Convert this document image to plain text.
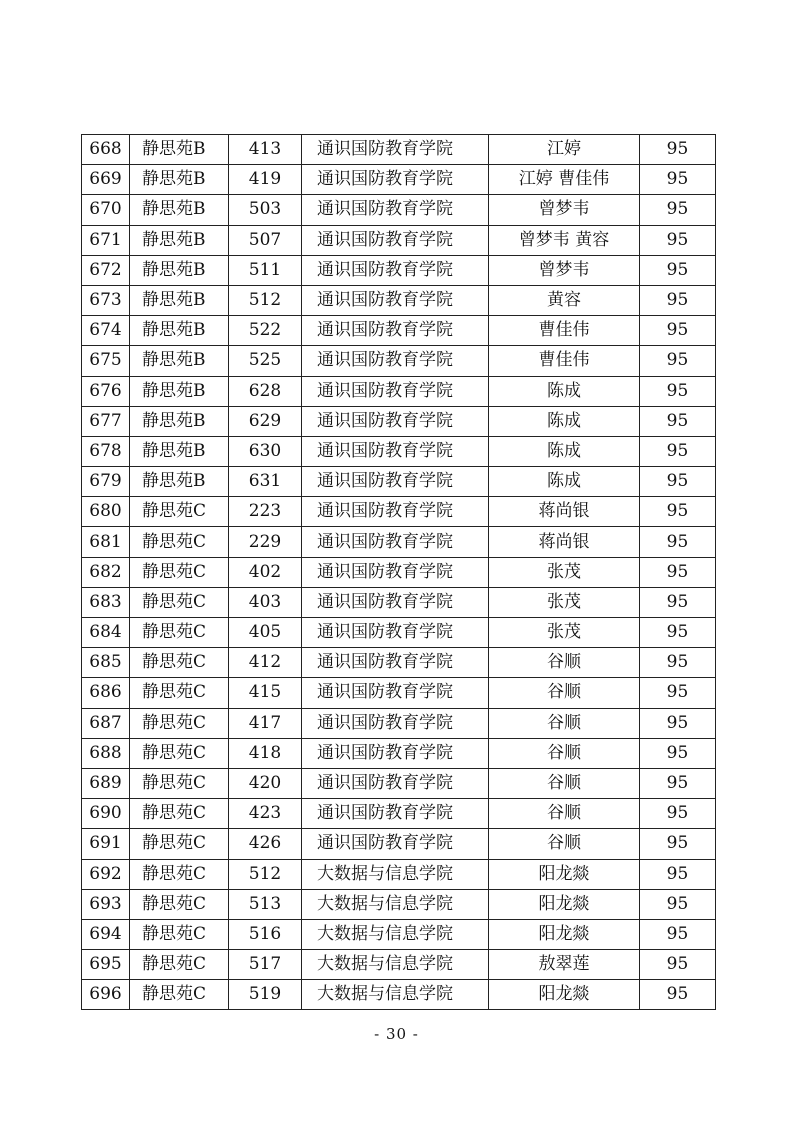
668	静思苑B	413	通识国防教育学院	江婷	95
669	静思苑B	419	通识国防教育学院	江婷 曹佳伟	95
670	静思苑B	503	通识国防教育学院	曾梦韦	95
671	静思苑B	507	通识国防教育学院	曾梦韦 黄容	95
672	静思苑B	511	通识国防教育学院	曾梦韦	95
673	静思苑B	512	通识国防教育学院	黄容	95
674	静思苑B	522	通识国防教育学院	曹佳伟	95
675	静思苑B	525	通识国防教育学院	曹佳伟	95
676	静思苑B	628	通识国防教育学院	陈成	95
677	静思苑B	629	通识国防教育学院	陈成	95
678	静思苑B	630	通识国防教育学院	陈成	95
679	静思苑B	631	通识国防教育学院	陈成	95
680	静思苑C	223	通识国防教育学院	蒋尚银	95
681	静思苑C	229	通识国防教育学院	蒋尚银	95
682	静思苑C	402	通识国防教育学院	张茂	95
683	静思苑C	403	通识国防教育学院	张茂	95
684	静思苑C	405	通识国防教育学院	张茂	95
685	静思苑C	412	通识国防教育学院	谷顺	95
686	静思苑C	415	通识国防教育学院	谷顺	95
687	静思苑C	417	通识国防教育学院	谷顺	95
688	静思苑C	418	通识国防教育学院	谷顺	95
689	静思苑C	420	通识国防教育学院	谷顺	95
690	静思苑C	423	通识国防教育学院	谷顺	95
691	静思苑C	426	通识国防教育学院	谷顺	95
692	静思苑C	512	大数据与信息学院	阳龙燚	95
693	静思苑C	513	大数据与信息学院	阳龙燚	95
694	静思苑C	516	大数据与信息学院	阳龙燚	95
695	静思苑C	517	大数据与信息学院	敖翠莲	95
696	静思苑C	519	大数据与信息学院	阳龙燚	95
- 30 -
